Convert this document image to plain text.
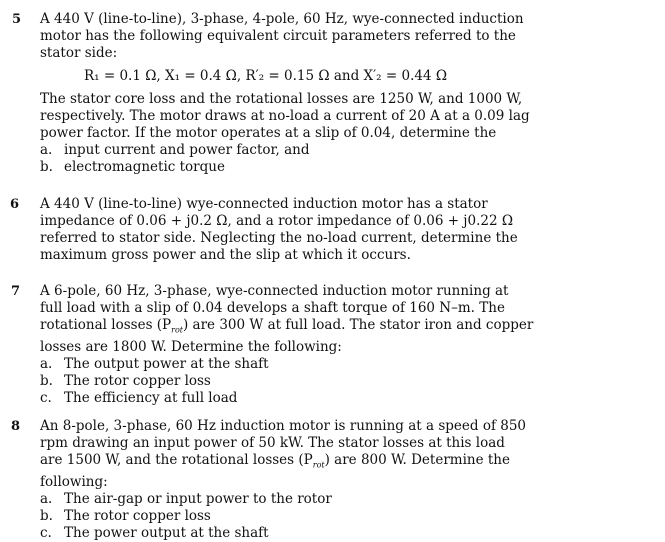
5 A 440 V (line-to-line), 3-phase, 4-pole, 60 Hz, wye-connected induction
motor has the following equivalent circuit parameters referred to the
stator side:
R₁ = 0.1 Ω, X₁ = 0.4 Ω, R′₂ = 0.15 Ω and X′₂ = 0.44 Ω
The stator core loss and the rotational losses are 1250 W, and 1000 W,
respectively. The motor draws at no-load a current of 20 A at a 0.09 lag
power factor. If the motor operates at a slip of 0.04, determine the
a. input current and power factor, and
b. electromagnetic torque
6 A 440 V (line-to-line) wye-connected induction motor has a stator
impedance of 0.06 + j0.2 Ω, and a rotor impedance of 0.06 + j0.22 Ω
referred to stator side. Neglecting the no-load current, determine the
maximum gross power and the slip at which it occurs.
7 A 6-pole, 60 Hz, 3-phase, wye-connected induction motor running at
full load with a slip of 0.04 develops a shaft torque of 160 N–m. The
rotational losses $(P_{rot})$ are 300 W at full load. The stator iron and copper
losses are 1800 W. Determine the following:
a. The output power at the shaft
b. The rotor copper loss
c. The efficiency at full load
8 An 8-pole, 3-phase, 60 Hz induction motor is running at a speed of 850
rpm drawing an input power of 50 kW. The stator losses at this load
are 1500 W, and the rotational losses $(P_{rot})$ are 800 W. Determine the
following:
a. The air-gap or input power to the rotor
b. The rotor copper loss
c. The power output at the shaft
